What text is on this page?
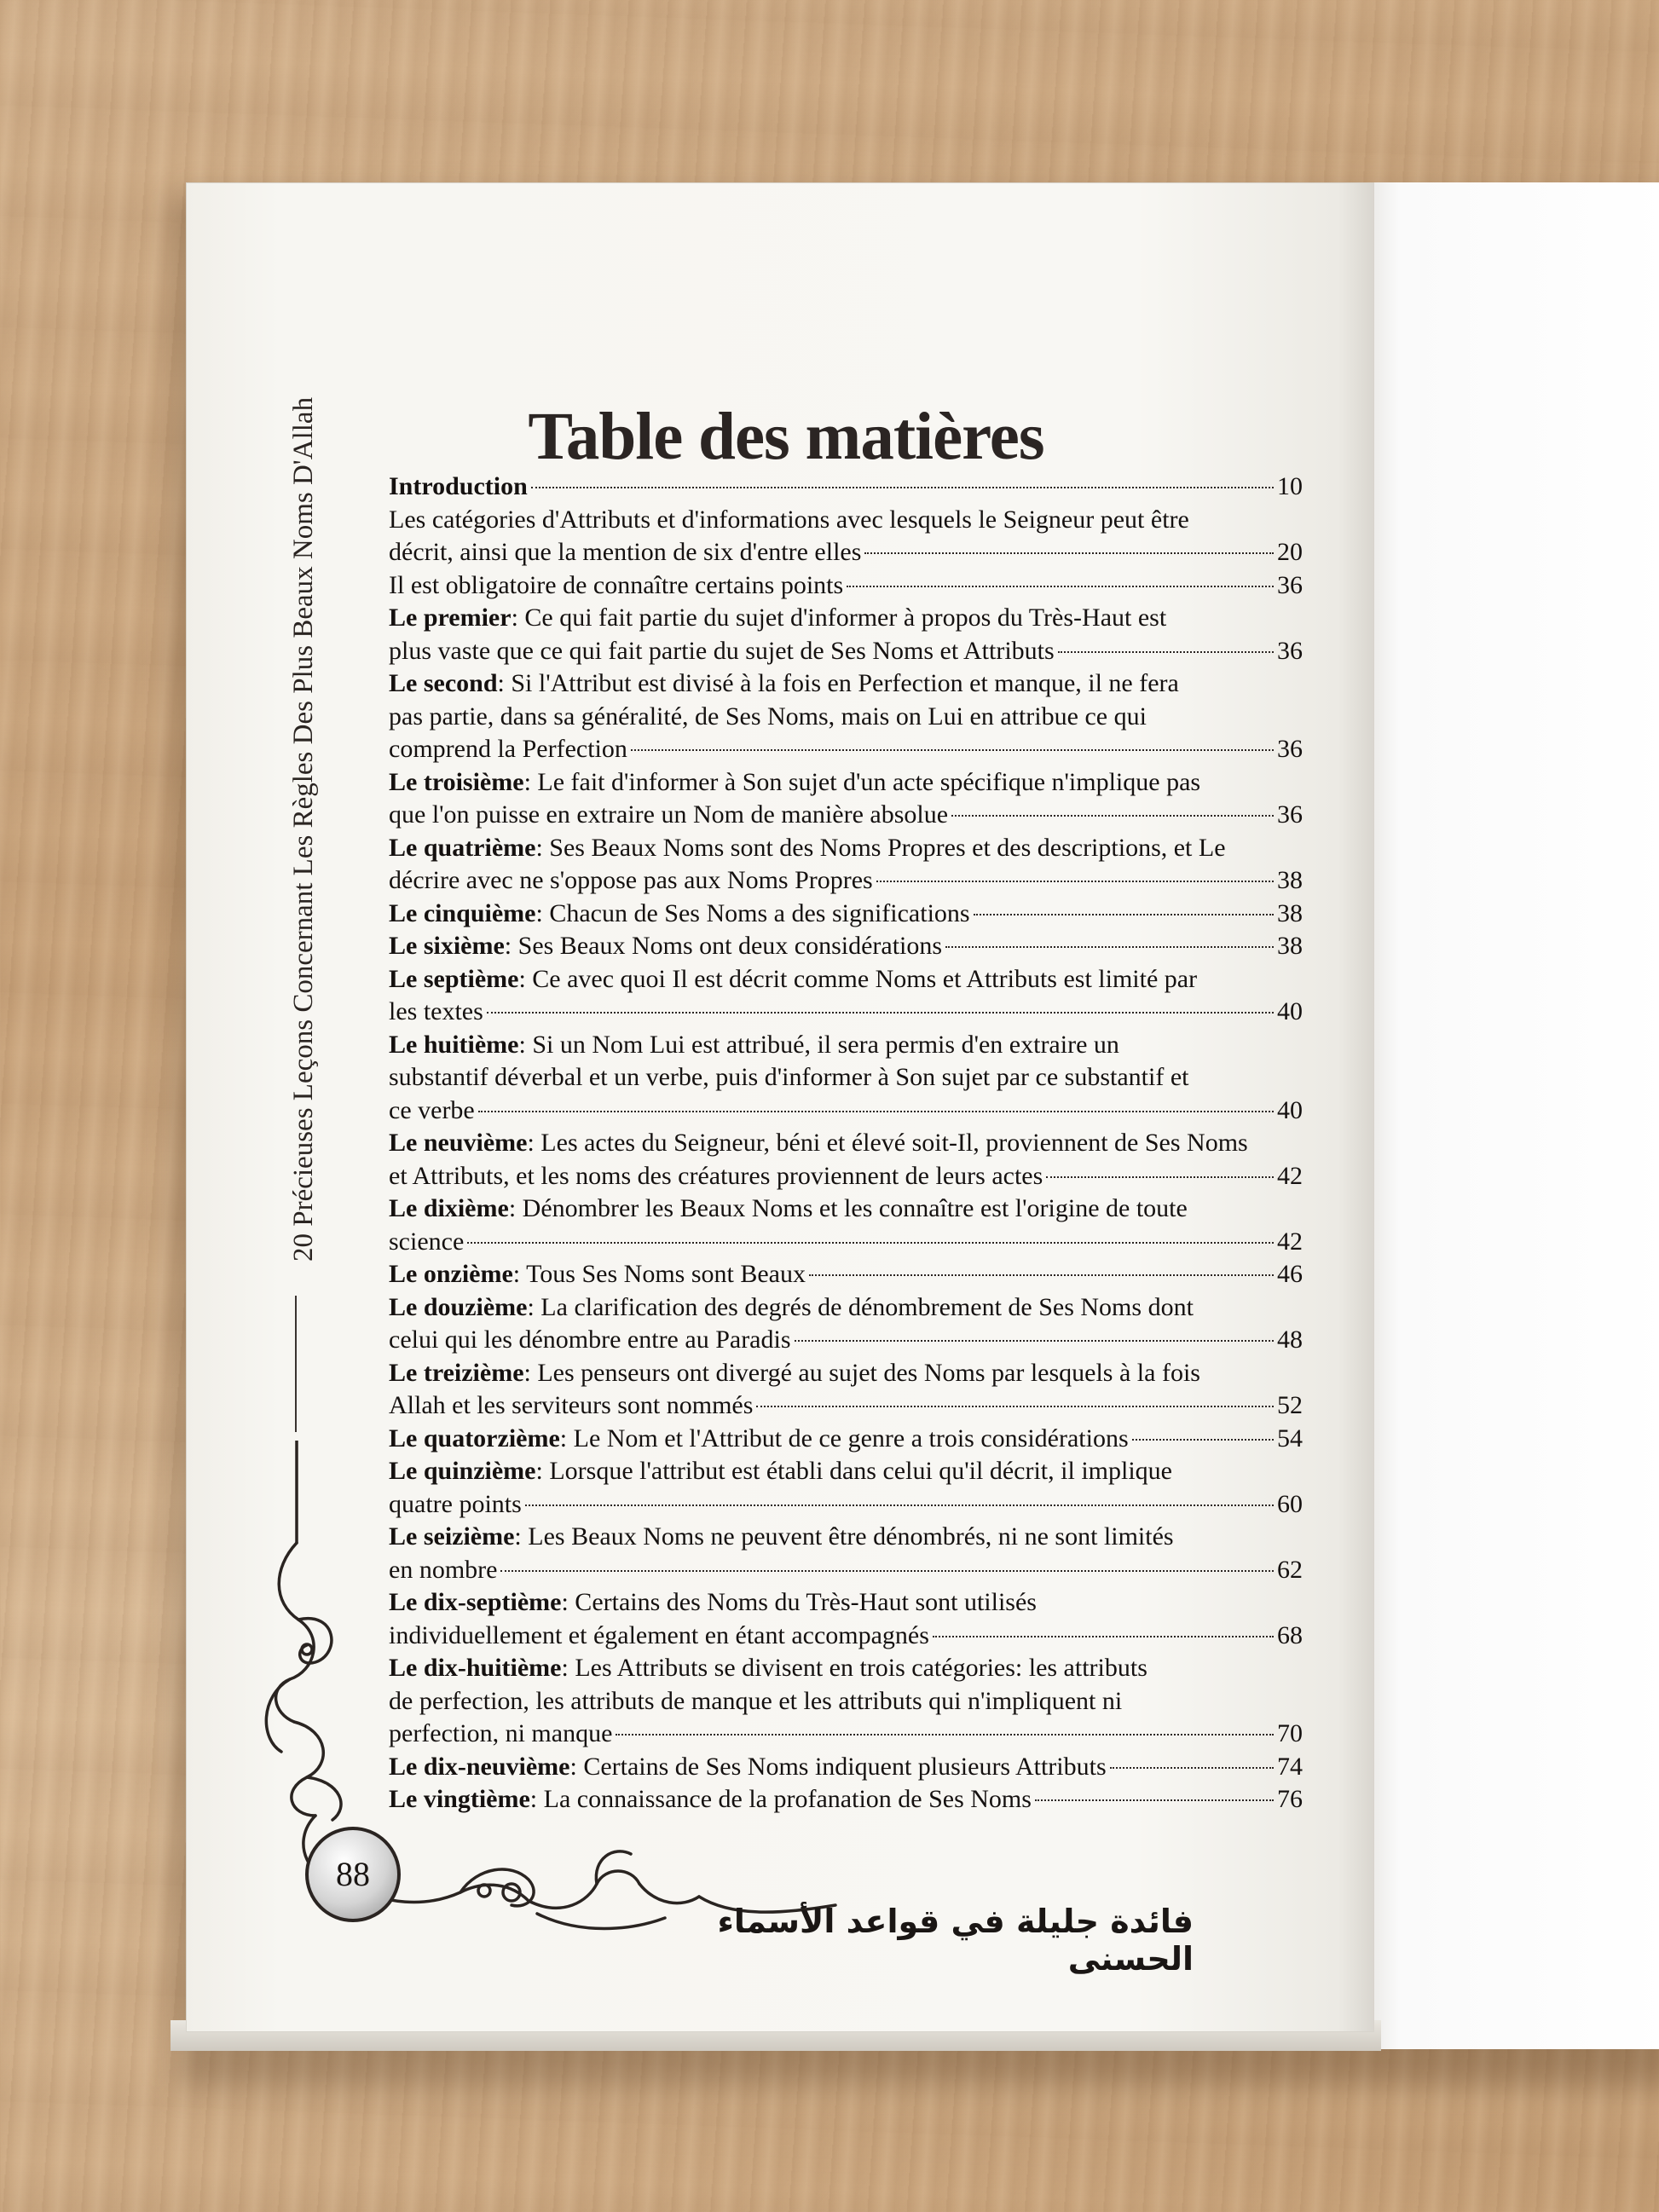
20 Précieuses Leçons Concernant Les Règles Des Plus Beaux Noms D'Allah	Table des matières
Introduction	10
Les catégories d'Attributs et d'informations avec lesquels le Seigneur peut être
décrit, ainsi que la mention de six d'entre elles	20
Il est obligatoire de connaître certains points	36
Le premier: Ce qui fait partie du sujet d'informer à propos du Très-Haut est
plus vaste que ce qui fait partie du sujet de Ses Noms et Attributs	36
Le second: Si l'Attribut est divisé à la fois en Perfection et manque, il ne fera
pas partie, dans sa généralité, de Ses Noms, mais on Lui en attribue ce qui
comprend la Perfection	36
Le troisième: Le fait d'informer à Son sujet d'un acte spécifique n'implique pas
que l'on puisse en extraire un Nom de manière absolue	36
Le quatrième: Ses Beaux Noms sont des Noms Propres et des descriptions, et Le
décrire avec ne s'oppose pas aux Noms Propres	38
Le cinquième: Chacun de Ses Noms a des significations	38
Le sixième: Ses Beaux Noms ont deux considérations	38
Le septième: Ce avec quoi Il est décrit comme Noms et Attributs est limité par
les textes	40
Le huitième: Si un Nom Lui est attribué, il sera permis d'en extraire un
substantif déverbal et un verbe, puis d'informer à Son sujet par ce substantif et
ce verbe	40
Le neuvième: Les actes du Seigneur, béni et élevé soit-Il, proviennent de Ses Noms
et Attributs, et les noms des créatures proviennent de leurs actes	42
Le dixième: Dénombrer les Beaux Noms et les connaître est l'origine de toute
science	42
Le onzième: Tous Ses Noms sont Beaux	46
Le douzième: La clarification des degrés de dénombrement de Ses Noms dont
celui qui les dénombre entre au Paradis	48
Le treizième: Les penseurs ont divergé au sujet des Noms par lesquels à la fois
Allah et les serviteurs sont nommés	52
Le quatorzième: Le Nom et l'Attribut de ce genre a trois considérations	54
Le quinzième: Lorsque l'attribut est établi dans celui qu'il décrit, il implique
quatre points	60
Le seizième: Les Beaux Noms ne peuvent être dénombrés, ni ne sont limités
en nombre	62
Le dix-septième: Certains des Noms du Très-Haut sont utilisés
individuellement et également en étant accompagnés	68
Le dix-huitième: Les Attributs se divisent en trois catégories: les attributs
de perfection, les attributs de manque et les attributs qui n'impliquent ni
perfection, ni manque	70
Le dix-neuvième: Certains de Ses Noms indiquent plusieurs Attributs	74
Le vingtième: La connaissance de la profanation de Ses Noms	76
88
فائدة جليلة في قواعد الأسماء الحسنى
